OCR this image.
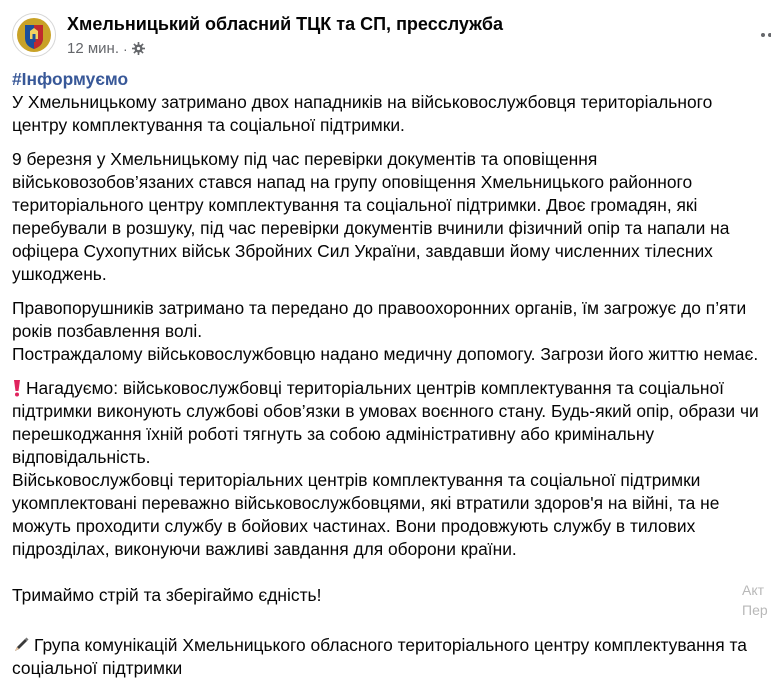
Хмельницький обласний ТЦК та СП, пресслужба
12 мин. ·

#Інформуємо

У Хмельницькому затримано двох нападників на військовослужбовця територіального

центру комплектування та соціальної підтримки.

9 березня у Хмельницькому під час перевірки документів та оповіщення

військовозобов’язаних стався напад на групу оповіщення Хмельницького районного

територіального центру комплектування та соціальної підтримки. Двоє громадян, які

перебували в розшуку, під час перевірки документів вчинили фізичний опір та напали на

офіцера Сухопутних військ Збройних Сил України, завдавши йому численних тілесних

ушкоджень.

Правопорушників затримано та передано до правоохоронних органів, їм загрожує до п’яти

років позбавлення волі.

Постраждалому військовослужбовцю надано медичну допомогу. Загрози його життю немає.

Нагадуємо: військовослужбовці територіальних центрів комплектування та соціальної

підтримки виконують службові обов’язки в умовах воєнного стану. Будь-який опір, образи чи

перешкоджання їхній роботі тягнуть за собою адміністративну або кримінальну

відповідальність.

Військовослужбовці територіальних центрів комплектування та соціальної підтримки

укомплектовані переважно військовослужбовцями, які втратили здоров'я на війні, та не

можуть проходити службу в бойових частинах. Вони продовжують службу в тилових

підрозділах, виконуючи важливі завдання для оборони країни.

Тримаймо стрій та зберігаймо єдність!

Група комунікацій Хмельницького обласного територіального центру комплектування та

соціальної підтримки

Акт
Пер
